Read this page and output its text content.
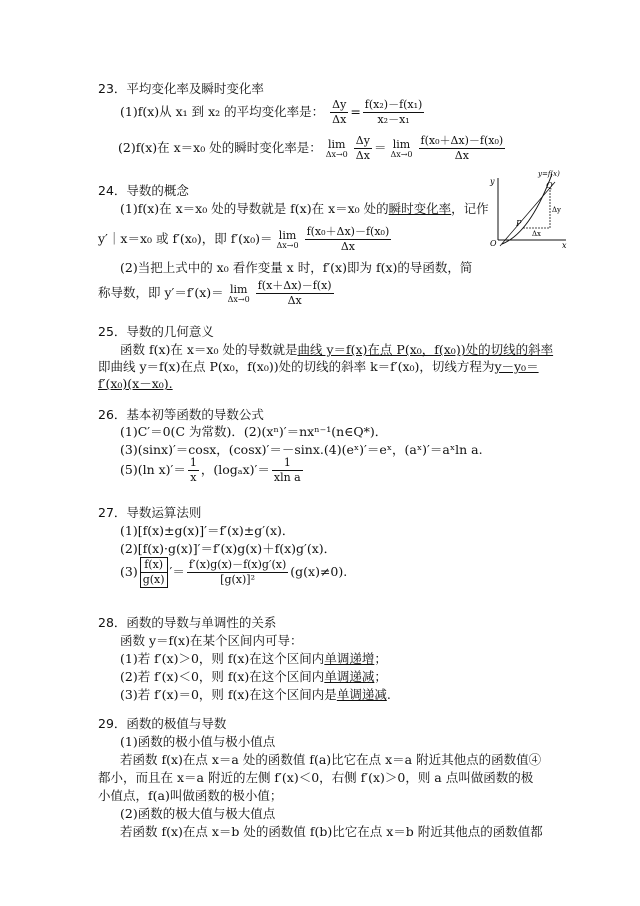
23．平均变化率及瞬时变化率
(1)f(x)从 x₁ 到 x₂ 的平均变化率是： $\frac{\Delta y}{\Delta x} = \frac{\text{f(x₂)－f(x₁)}}{\text{x₂－x₁}}$
(2)f(x)在 x＝x₀ 处的瞬时变化率是： lim
Δx→0
$\frac{\Delta y}{\Delta x} = \lim$
Δx→0
$\frac{\text{f(x₀＋Δx)－f(x₀)}}{\Delta x}$
24．导数的概念
(1)f(x)在 x＝x₀ 处的导数就是 f(x)在 x＝x₀ 处的瞬时变化率，记作
y′｜x＝x₀ 或 f′(x₀)，即 f′(x₀)＝ lim
Δx→0
$\frac{\text{f(x₀＋Δx)－f(x₀)}}{\Delta x}$
(2)当把上式中的 x₀ 看作变量 x 时，f′(x)即为 f(x)的导函数，简
称导数，即 y′＝f′(x)＝ lim
Δx→0
$\frac{f(x+\Delta x)-f(x)}{\Delta x}$
y
x
O
y=f(x)
Q
P
Δy
Δx
25．导数的几何意义
函数 f(x)在 x＝x₀ 处的导数就是曲线 y＝f(x)在点 P(x₀，f(x₀))处的切线的斜率
即曲线 y＝f(x)在点 P(x₀，f(x₀))处的切线的斜率 k＝f′(x₀)，切线方程为y－y₀＝
f′(x₀)(x－x₀).
26．基本初等函数的导数公式
(1)C′＝0(C 为常数)．(2)(xⁿ)′＝nxⁿ⁻¹(n∈Q*)．
(3)(sinx)′＝cosx，(cosx)′＝－sinx.(4)(eˣ)′＝eˣ，(aˣ)′＝aˣln a.
(5)(ln $x)'= \frac{1}{x}$ ，$(\log_ax)'= \frac{1}{\text{xln a}}$
27．导数运算法则
(1)[f(x)±g(x)]′＝f′(x)±g′(x)．
(2)[f(x)·g(x)]′＝f′(x)g(x)＋f(x)g′(x)．
$(3) \frac{f(x)}{g(x)}$ ′＝ $\frac{f'(x)g(x)-f(x)g'(x)}{\text{[g(x)]²}} (g(x)\ne 0)$.
28．函数的导数与单调性的关系
函数 y＝f(x)在某个区间内可导：
(1)若 f′(x)＞0，则 f(x)在这个区间内单调递增；
(2)若 f′(x)＜0，则 f(x)在这个区间内单调递减；
(3)若 f′(x)＝0，则 f(x)在这个区间内是单调递减.
29．函数的极值与导数
(1)函数的极小值与极小值点
若函数 f(x)在点 x＝a 处的函数值 f(a)比它在点 x＝a 附近其他点的函数值④
都小，而且在 x＝a 附近的左侧 f′(x)＜0，右侧 f′(x)＞0，则 a 点叫做函数的极
小值点，f(a)叫做函数的极小值；
(2)函数的极大值与极大值点
若函数 f(x)在点 x＝b 处的函数值 f(b)比它在点 x＝b 附近其他点的函数值都
